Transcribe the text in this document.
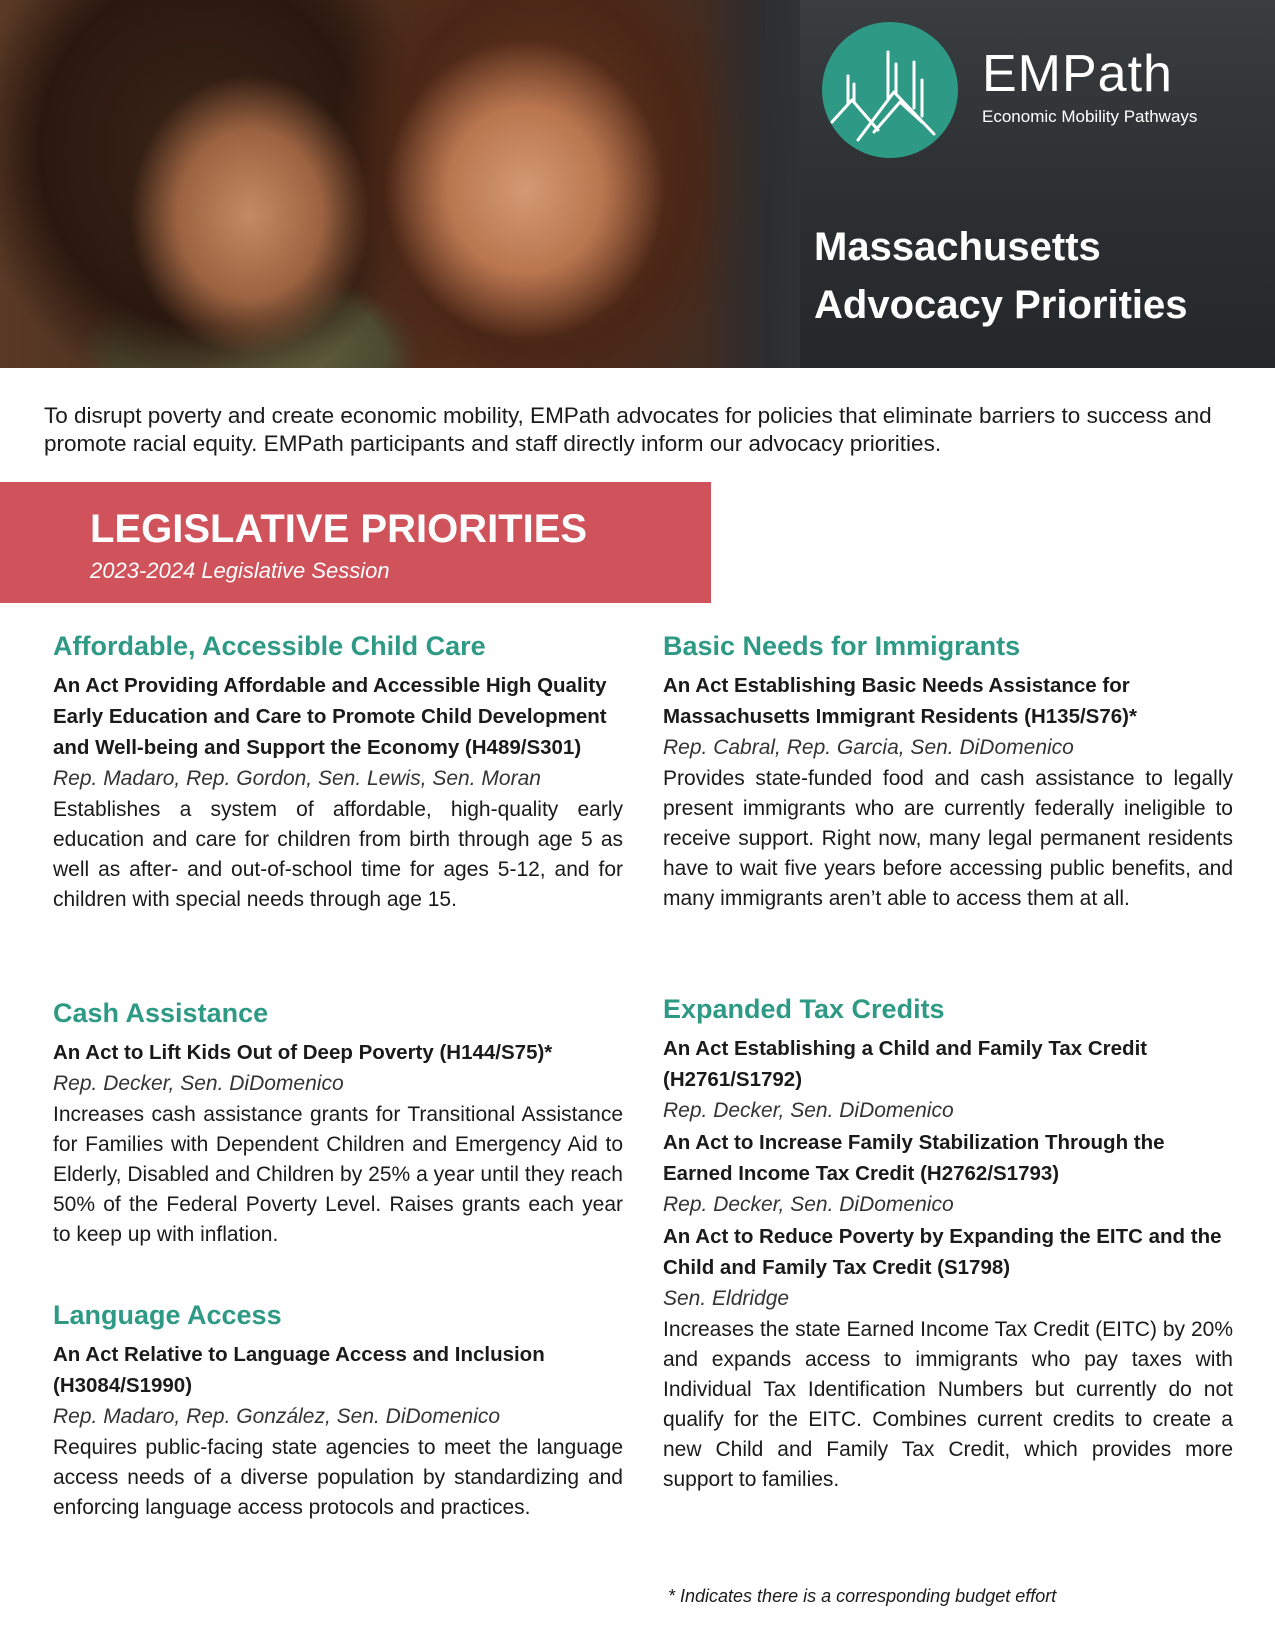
EMPath
Economic Mobility Pathways
Massachusetts
Advocacy Priorities
To disrupt poverty and create economic mobility, EMPath advocates for policies that eliminate barriers to success and promote racial equity. EMPath participants and staff directly inform our advocacy priorities.
LEGISLATIVE PRIORITIES
2023-2024 Legislative Session
Affordable, Accessible Child Care

An Act Providing Affordable and Accessible High Quality Early Education and Care to Promote Child Development and Well-being and Support the Economy (H489/S301)

Rep. Madaro, Rep. Gordon, Sen. Lewis, Sen. Moran

Establishes a system of affordable, high-quality early education and care for children from birth through age 5 as well as after- and out-of-school time for ages 5-12, and for children with special needs through age 15.

Cash Assistance

An Act to Lift Kids Out of Deep Poverty (H144/S75)*

Rep. Decker, Sen. DiDomenico

Increases cash assistance grants for Transitional Assistance for Families with Dependent Children and Emergency Aid to Elderly, Disabled and Children by 25% a year until they reach 50% of the Federal Poverty Level. Raises grants each year to keep up with inflation.

Language Access

An Act Relative to Language Access and Inclusion (H3084/S1990)

Rep. Madaro, Rep. González, Sen. DiDomenico

Requires public-facing state agencies to meet the language access needs of a diverse population by standardizing and enforcing language access protocols and practices.

Basic Needs for Immigrants

An Act Establishing Basic Needs Assistance for Massachusetts Immigrant Residents (H135/S76)*

Rep. Cabral, Rep. Garcia, Sen. DiDomenico

Provides state-funded food and cash assistance to legally present immigrants who are currently federally ineligible to receive support. Right now, many legal permanent residents have to wait five years before accessing public benefits, and many immigrants aren’t able to access them at all.

Expanded Tax Credits

An Act Establishing a Child and Family Tax Credit (H2761/S1792)

Rep. Decker, Sen. DiDomenico

An Act to Increase Family Stabilization Through the Earned Income Tax Credit (H2762/S1793)

Rep. Decker, Sen. DiDomenico

An Act to Reduce Poverty by Expanding the EITC and the Child and Family Tax Credit (S1798)

Sen. Eldridge

Increases the state Earned Income Tax Credit (EITC) by 20% and expands access to immigrants who pay taxes with Individual Tax Identification Numbers but currently do not qualify for the EITC. Combines current credits to create a new Child and Family Tax Credit, which provides more support to families.

* Indicates there is a corresponding budget effort
